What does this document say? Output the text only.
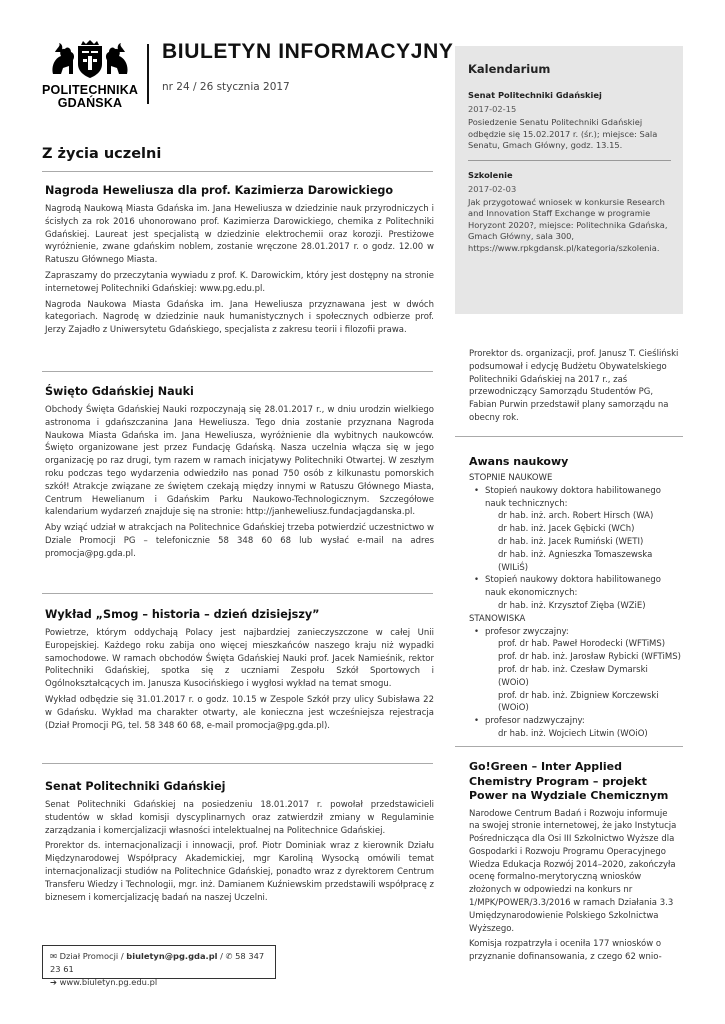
POLITECHNIKA
GDAŃSKA
BIULETYN INFORMACYJNY
nr 24 / 26 stycznia 2017
Z życia uczelni
Nagroda Heweliusza dla prof. Kazimierza Darowickiego

Nagrodą Naukową Miasta Gdańska im. Jana Heweliusza w dziedzinie nauk przyrodniczych i ścisłych za rok 2016 uhonorowano prof. Kazimierza Darowickiego, chemika z Politechniki Gdańskiej. Laureat jest specjalistą w dziedzinie elektrochemii oraz korozji. Prestiżowe wyróżnienie, zwane gdańskim noblem, zostanie wręczone 28.01.2017 r. o godz. 12.00 w Ratuszu Głównego Miasta.

Zapraszamy do przeczytania wywiadu z prof. K. Darowickim, który jest dostępny na stronie internetowej Politechniki Gdańskiej: www.pg.edu.pl.

Nagroda Naukowa Miasta Gdańska im. Jana Heweliusza przyznawana jest w dwóch kategoriach. Nagrodę w dziedzinie nauk humanistycznych i społecznych odbierze prof. Jerzy Zajadło z Uniwersytetu Gdańskiego, specjalista z zakresu teorii i filozofii prawa.

Święto Gdańskiej Nauki

Obchody Święta Gdańskiej Nauki rozpoczynają się 28.01.2017 r., w dniu urodzin wielkiego astronoma i gdańszczanina Jana Heweliusza. Tego dnia zostanie przyznana Nagroda Naukowa Miasta Gdańska im. Jana Heweliusza, wyróżnienie dla wybitnych naukowców. Święto organizowane jest przez Fundację Gdańską. Nasza uczelnia włącza się w jego organizację po raz drugi, tym razem w ramach inicjatywy Politechniki Otwartej. W zeszłym roku podczas tego wydarzenia odwiedziło nas ponad 750 osób z kilkunastu pomorskich szkół! Atrakcje związane ze świętem czekają między innymi w Ratuszu Głównego Miasta, Centrum Hewelianum i Gdańskim Parku Naukowo-Technologicznym. Szczegółowe kalendarium wydarzeń znajduje się na stronie: http://janheweliusz.fundacjagdanska.pl.

Aby wziąć udział w atrakcjach na Politechnice Gdańskiej trzeba potwierdzić uczestnictwo w Dziale Promocji PG – telefonicznie 58 348 60 68 lub wysłać e-mail na adres promocja@pg.gda.pl.

Wykład „Smog – historia – dzień dzisiejszy”

Powietrze, którym oddychają Polacy jest najbardziej zanieczyszczone w całej Unii Europejskiej. Każdego roku zabija ono więcej mieszkańców naszego kraju niż wypadki samochodowe. W ramach obchodów Święta Gdańskiej Nauki prof. Jacek Namieśnik, rektor Politechniki Gdańskiej, spotka się z uczniami Zespołu Szkół Sportowych i Ogólnokształcących im. Janusza Kusocińskiego i wygłosi wykład na temat smogu.

Wykład odbędzie się 31.01.2017 r. o godz. 10.15 w Zespole Szkół przy ulicy Subisława 22 w Gdańsku. Wykład ma charakter otwarty, ale konieczna jest wcześniejsza rejestracja (Dział Promocji PG, tel. 58 348 60 68, e-mail promocja@pg.gda.pl).

Senat Politechniki Gdańskiej

Senat Politechniki Gdańskiej na posiedzeniu 18.01.2017 r. powołał przedstawicieli studentów w skład komisji dyscyplinarnych oraz zatwierdził zmiany w Regulaminie zarządzania i komercjalizacji własności intelektualnej na Politechnice Gdańskiej.

Prorektor ds. internacjonalizacji i innowacji, prof. Piotr Dominiak wraz z kierownik Działu Międzynarodowej Współpracy Akademickiej, mgr Karoliną Wysocką omówili temat internacjonalizacji studiów na Politechnice Gdańskiej, ponadto wraz z dyrektorem Centrum Transferu Wiedzy i Technologii, mgr. inż. Damianem Kuźniewskim przedstawili współpracę z biznesem i komercjalizację badań na naszej Uczelni.

✉ Dział Promocji / biuletyn@pg.gda.pl / ✆ 58 347 23 61
➔ www.biuletyn.pg.edu.pl
Kalendarium
Senat Politechniki Gdańskiej
2017-02-15
Posiedzenie Senatu Politechniki Gdańskiej odbędzie się 15.02.2017 r. (śr.); miejsce: Sala Senatu, Gmach Główny, godz. 13.15.
Szkolenie
2017-02-03
Jak przygotować wniosek w konkursie Research and Innovation Staff Exchange w programie Horyzont 2020?, miejsce: Politechnika Gdańska, Gmach Główny, sala 300, https://www.rpkgdansk.pl/kategoria/szkolenia.
Prorektor ds. organizacji, prof. Janusz T. Cieśliński podsumował i edycję Budżetu Obywatelskiego Politechniki Gdańskiej na 2017 r., zaś przewodniczący Samorządu Studentów PG, Fabian Purwin przedstawił plany samorządu na obecny rok.
Awans naukowy
STOPNIE NAUKOWE
• Stopień naukowy doktora habilitowanego nauk technicznych:
dr hab. inż. arch. Robert Hirsch (WA)
dr hab. inż. Jacek Gębicki (WCh)
dr hab. inż. Jacek Rumiński (WETI)
dr hab. inż. Agnieszka Tomaszewska (WILiŚ)
• Stopień naukowy doktora habilitowanego nauk ekonomicznych:
dr hab. inż. Krzysztof Zięba (WZiE)
STANOWISKA
• profesor zwyczajny:
prof. dr hab. Paweł Horodecki (WFTiMS)
prof. dr hab. inż. Jarosław Rybicki (WFTiMS)
prof. dr hab. inż. Czesław Dymarski (WOiO)
prof. dr hab. inż. Zbigniew Korczewski (WOiO)
• profesor nadzwyczajny:
dr hab. inż. Wojciech Litwin (WOiO)
Go!Green – Inter Applied Chemistry Program – projekt Power na Wydziale Chemicznym

Narodowe Centrum Badań i Rozwoju informuje na swojej stronie internetowej, że jako Instytucja Pośrednicząca dla Osi III Szkolnictwo Wyższe dla Gospodarki i Rozwoju Programu Operacyjnego Wiedza Edukacja Rozwój 2014–2020, zakończyła ocenę formalno-merytoryczną wniosków złożonych w odpowiedzi na konkurs nr 1/MPK/POWER/3.3/2016 w ramach Działania 3.3 Umiędzynarodowienie Polskiego Szkolnictwa Wyższego.

Komisja rozpatrzyła i oceniła 177 wniosków o przyznanie dofinansowania, z czego 62 wnio-
